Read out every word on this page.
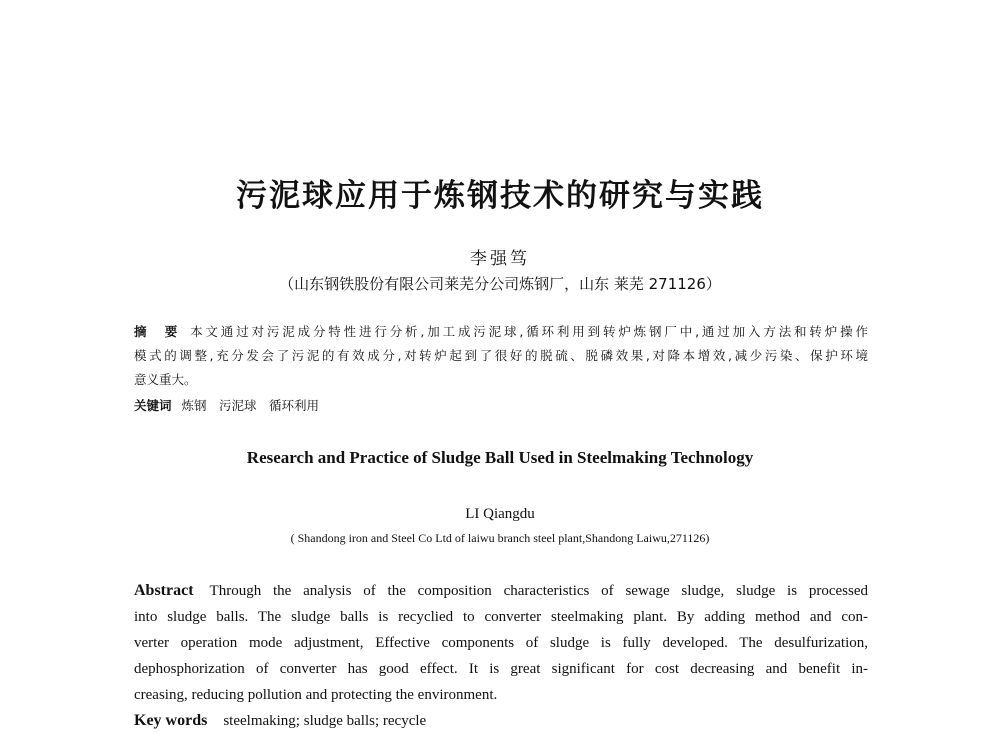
污泥球应用于炼钢技术的研究与实践
李强笃
（山东钢铁股份有限公司莱芜分公司炼钢厂，山东 莱芜 271126）
摘　要 本文通过对污泥成分特性进行分析,加工成污泥球,循环利用到转炉炼钢厂中,通过加入方法和转炉操作
模式的调整,充分发会了污泥的有效成分,对转炉起到了很好的脱硫、脱磷效果,对降本增效,减少污染、保护环境
意义重大。
关键词 炼钢　污泥球　循环利用
Research and Practice of Sludge Ball Used in Steelmaking Technology
LI Qiangdu
( Shandong iron and Steel Co Ltd of laiwu branch steel plant,Shandong Laiwu,271126)
Abstract Through the analysis of the composition characteristics of sewage sludge, sludge is processed
into sludge balls. The sludge balls is recyclied to converter steelmaking plant. By adding method and con-
verter operation mode adjustment, Effective components of sludge is fully developed. The desulfurization,
dephosphorization of converter has good effect. It is great significant for cost decreasing and benefit in-
creasing, reducing pollution and protecting the environment.
Key words steelmaking; sludge balls; recycle
